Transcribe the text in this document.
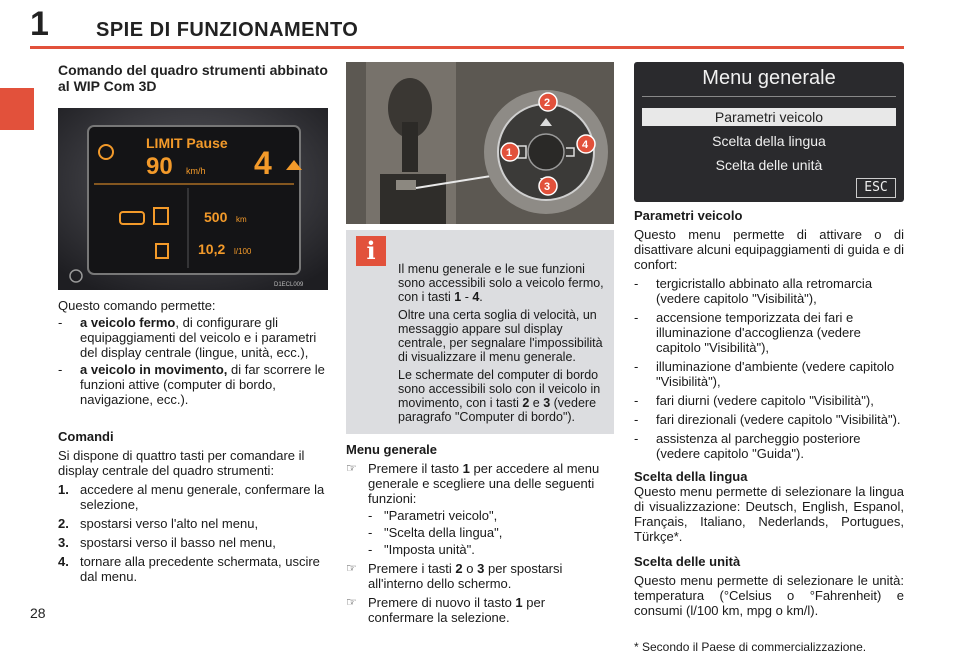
1 SPIE DI FUNZIONAMENTO
28
Comando del quadro strumenti abbinato al WIP Com 3D
LIMIT Pause
90 km/h 4
500 km
10,2 l/100
D1ECL009
Questo comando permette:
-	a veicolo fermo, di configurare gli equipaggiamenti del veicolo e i parametri del display centrale (lingue, unità, ecc.),
-	a veicolo in movimento, di far scorrere le funzioni attive (computer di bordo, navigazione, ecc.).
Comandi
Si dispone di quattro tasti per comandare il display centrale del quadro strumenti:
1. accedere al menu generale, confermare la selezione,
2. spostarsi verso l'alto nel menu,
3. spostarsi verso il basso nel menu,
4. tornare alla precedente schermata, uscire dal menu.
1
2
3
4
i
Il menu generale e le sue funzioni sono accessibili solo a veicolo fermo, con i tasti 1 - 4.
Oltre una certa soglia di velocità, un messaggio appare sul display centrale, per segnalare l'impossibilità di visualizzare il menu generale.
Le schermate del computer di bordo sono accessibili solo con il veicolo in movimento, con i tasti 2 e 3 (vedere paragrafo "Computer di bordo").
Menu generale
☞ Premere il tasto 1 per accedere al menu generale e scegliere una delle seguenti funzioni:
- "Parametri veicolo",
- "Scelta della lingua",
- "Imposta unità".
☞ Premere i tasti 2 o 3 per spostarsi all'interno dello schermo.
☞ Premere di nuovo il tasto 1 per confermare la selezione.
Menu generale
Parametri veicolo
Scelta della lingua
Scelta delle unità
ESC
Parametri veicolo
Questo menu permette di attivare o di disattivare alcuni equipaggiamenti di guida e di confort:
-	tergicristallo abbinato alla retromarcia (vedere capitolo "Visibilità"),
-	accensione temporizzata dei fari e illuminazione d'accoglienza (vedere capitolo "Visibilità"),
-	illuminazione d'ambiente (vedere capitolo "Visibilità"),
-	fari diurni (vedere capitolo "Visibilità"),
-	fari direzionali (vedere capitolo "Visibilità").
-	assistenza al parcheggio posteriore (vedere capitolo "Guida").
Scelta della lingua
Questo menu permette di selezionare la lingua di visualizzazione: Deutsch, English, Espanol, Français, Italiano, Nederlands, Portugues, Türkçe*.
Scelta delle unità
Questo menu permette di selezionare le unità: temperatura (°Celsius o °Fahrenheit) e consumi (l/100 km, mpg o km/l).
* Secondo il Paese di commercializzazione.
